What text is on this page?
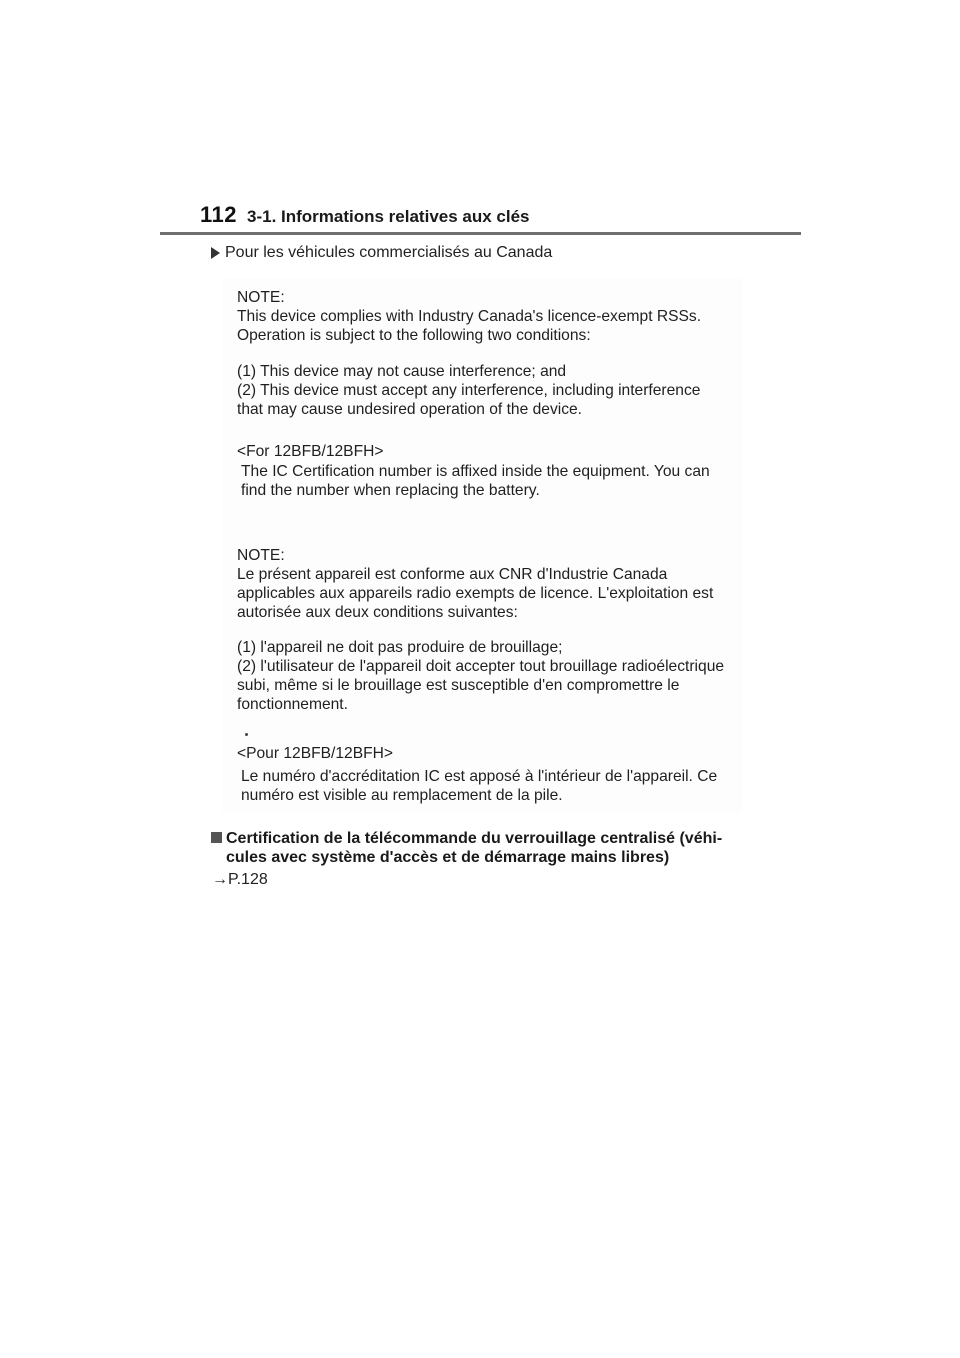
112 3-1. Informations relatives aux clés
Pour les véhicules commercialisés au Canada
NOTE:
This device complies with Industry Canada's licence-exempt RSSs.
Operation is subject to the following two conditions:
(1) This device may not cause interference; and
(2) This device must accept any interference, including interference
that may cause undesired operation of the device.
<For 12BFB/12BFH>
The IC Certification number is affixed inside the equipment. You can
find the number when replacing the battery.
NOTE:
Le présent appareil est conforme aux CNR d'Industrie Canada
applicables aux appareils radio exempts de licence. L'exploitation est
autorisée aux deux conditions suivantes:
(1) l'appareil ne doit pas produire de brouillage;
(2) l'utilisateur de l'appareil doit accepter tout brouillage radioélectrique
subi, même si le brouillage est susceptible d'en compromettre le
fonctionnement.
<Pour 12BFB/12BFH>
Le numéro d'accréditation IC est apposé à l'intérieur de l'appareil. Ce
numéro est visible au remplacement de la pile.
Certification de la télécommande du verrouillage centralisé (véhi-
cules avec système d'accès et de démarrage mains libres)
→P.128
